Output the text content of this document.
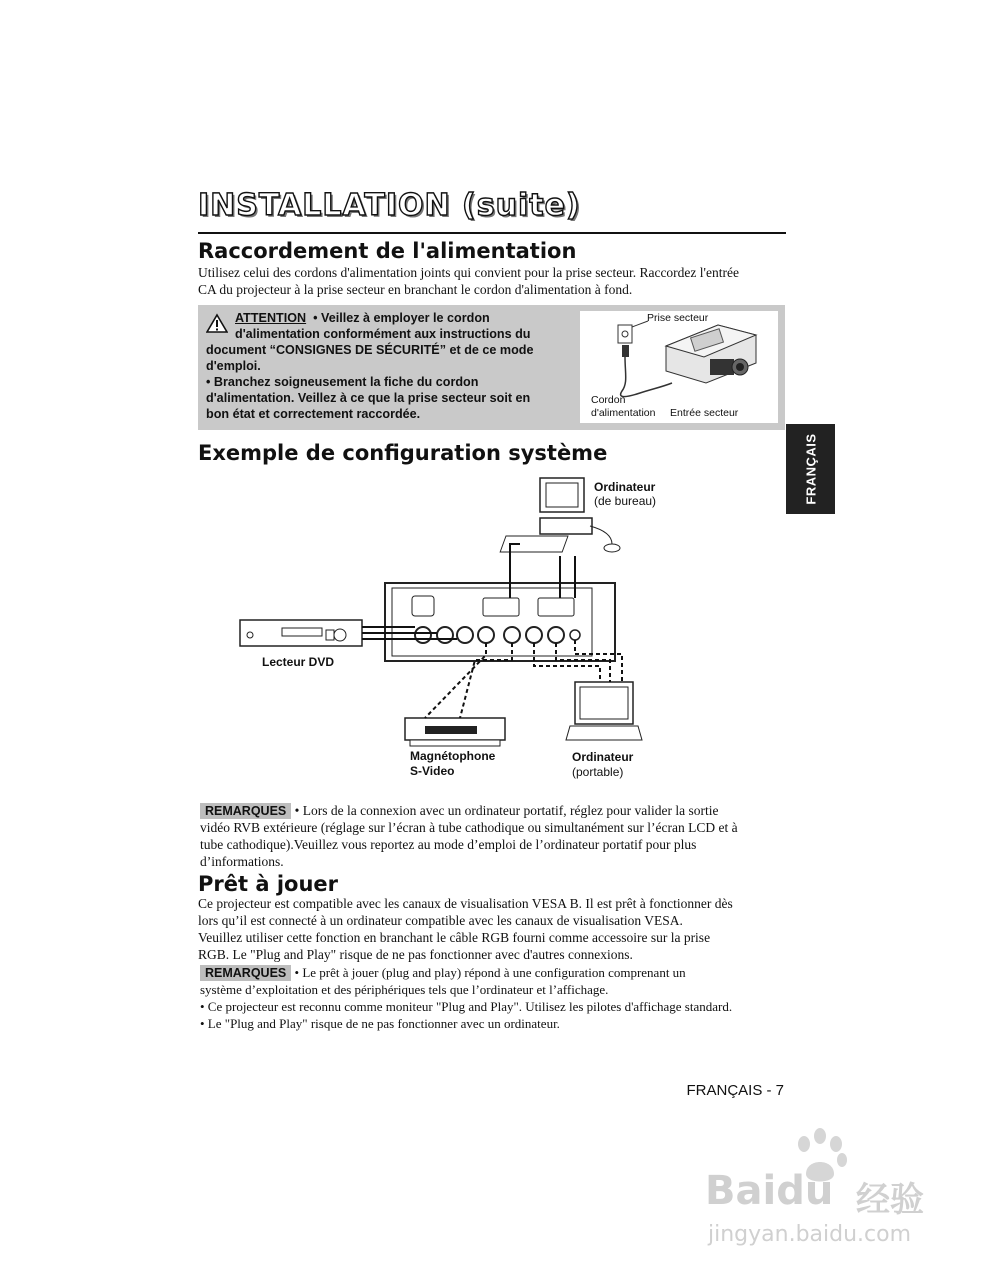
INSTALLATION (suite)
Raccordement de l'alimentation
Utilisez celui des cordons d'alimentation joints qui convient pour la prise secteur. Raccordez l'entrée
CA du projecteur à la prise secteur en branchant le cordon d'alimentation à fond.
ATTENTION • Veillez à employer le cordon
d'alimentation conformément aux instructions du
document “CONSIGNES DE SÉCURITÉ” et de ce mode
d'emploi.
• Branchez soigneusement la fiche du cordon
d'alimentation. Veillez à ce que la prise secteur soit en
bon état et correctement raccordée.
Prise secteur
Cordon
d'alimentation Entrée secteur
FRANÇAIS
Exemple de configuration système
Ordinateur
(de bureau)
Lecteur DVD
Magnétophone
S-Video
Ordinateur
(portable)
REMARQUES • Lors de la connexion avec un ordinateur portatif, réglez pour valider la sortie
vidéo RVB extérieure (réglage sur l’écran à tube cathodique ou simultanément sur l’écran LCD et à
tube cathodique).Veuillez vous reportez au mode d’emploi de l’ordinateur portatif pour plus
d’informations.
Prêt à jouer
Ce projecteur est compatible avec les canaux de visualisation VESA B. Il est prêt à fonctionner dès
lors qu’il est connecté à un ordinateur compatible avec les canaux de visualisation VESA.
Veuillez utiliser cette fonction en branchant le câble RGB fourni comme accessoire sur la prise
RGB. Le "Plug and Play" risque de ne pas fonctionner avec d'autres connexions.
REMARQUES • Le prêt à jouer (plug and play) répond à une configuration comprenant un
système d’exploitation et des périphériques tels que l’ordinateur et l’affichage.
• Ce projecteur est reconnu comme moniteur "Plug and Play". Utilisez les pilotes d'affichage standard.
• Le "Plug and Play" risque de ne pas fonctionner avec un ordinateur.
FRANÇAIS - 7
Baidu 经验
jingyan.baidu.com
